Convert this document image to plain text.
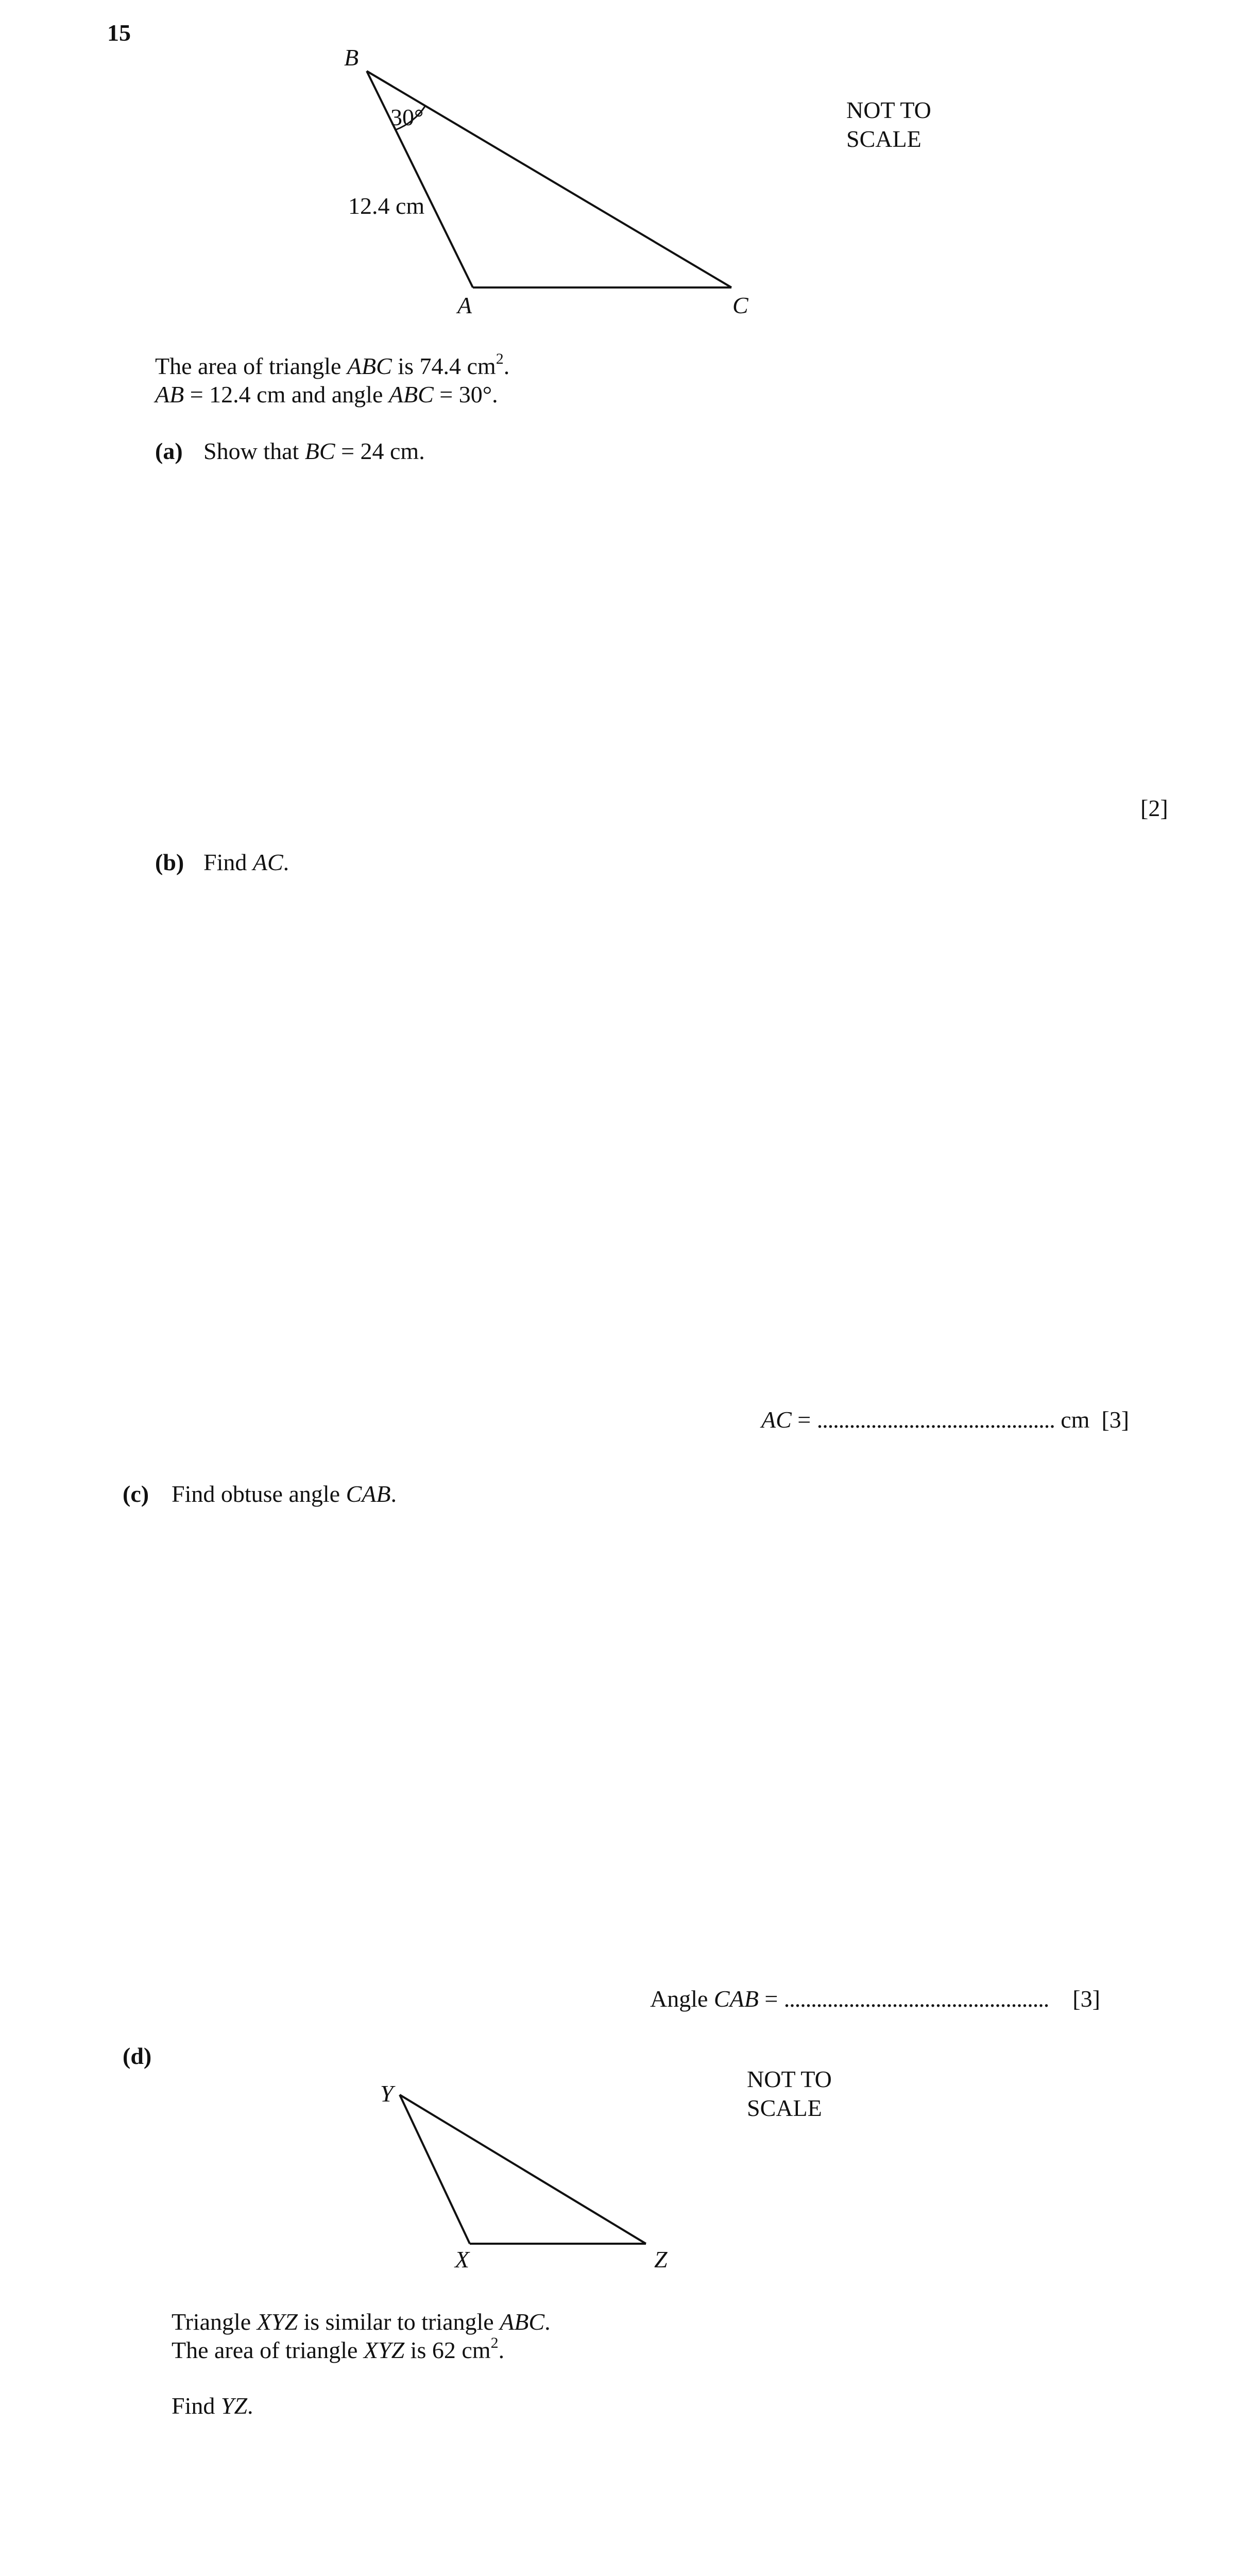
15
B
A	C
30°
12.4 cm
NOT TO
SCALE
The area of triangle ABC is 74.4 $cm^2$.
AB = 12.4 cm and angle ABC = 30°.
(a) Show that BC = 24 cm.
[2]
(b) Find AC.
AC = ............................................ cm [3]
(c) Find obtuse angle CAB.
Angle CAB = ................................................. [3]
(d)
Y
X	Z
NOT TO
SCALE
Triangle XYZ is similar to triangle ABC.
The area of triangle XYZ is 62 $cm^2$.
Find YZ.
